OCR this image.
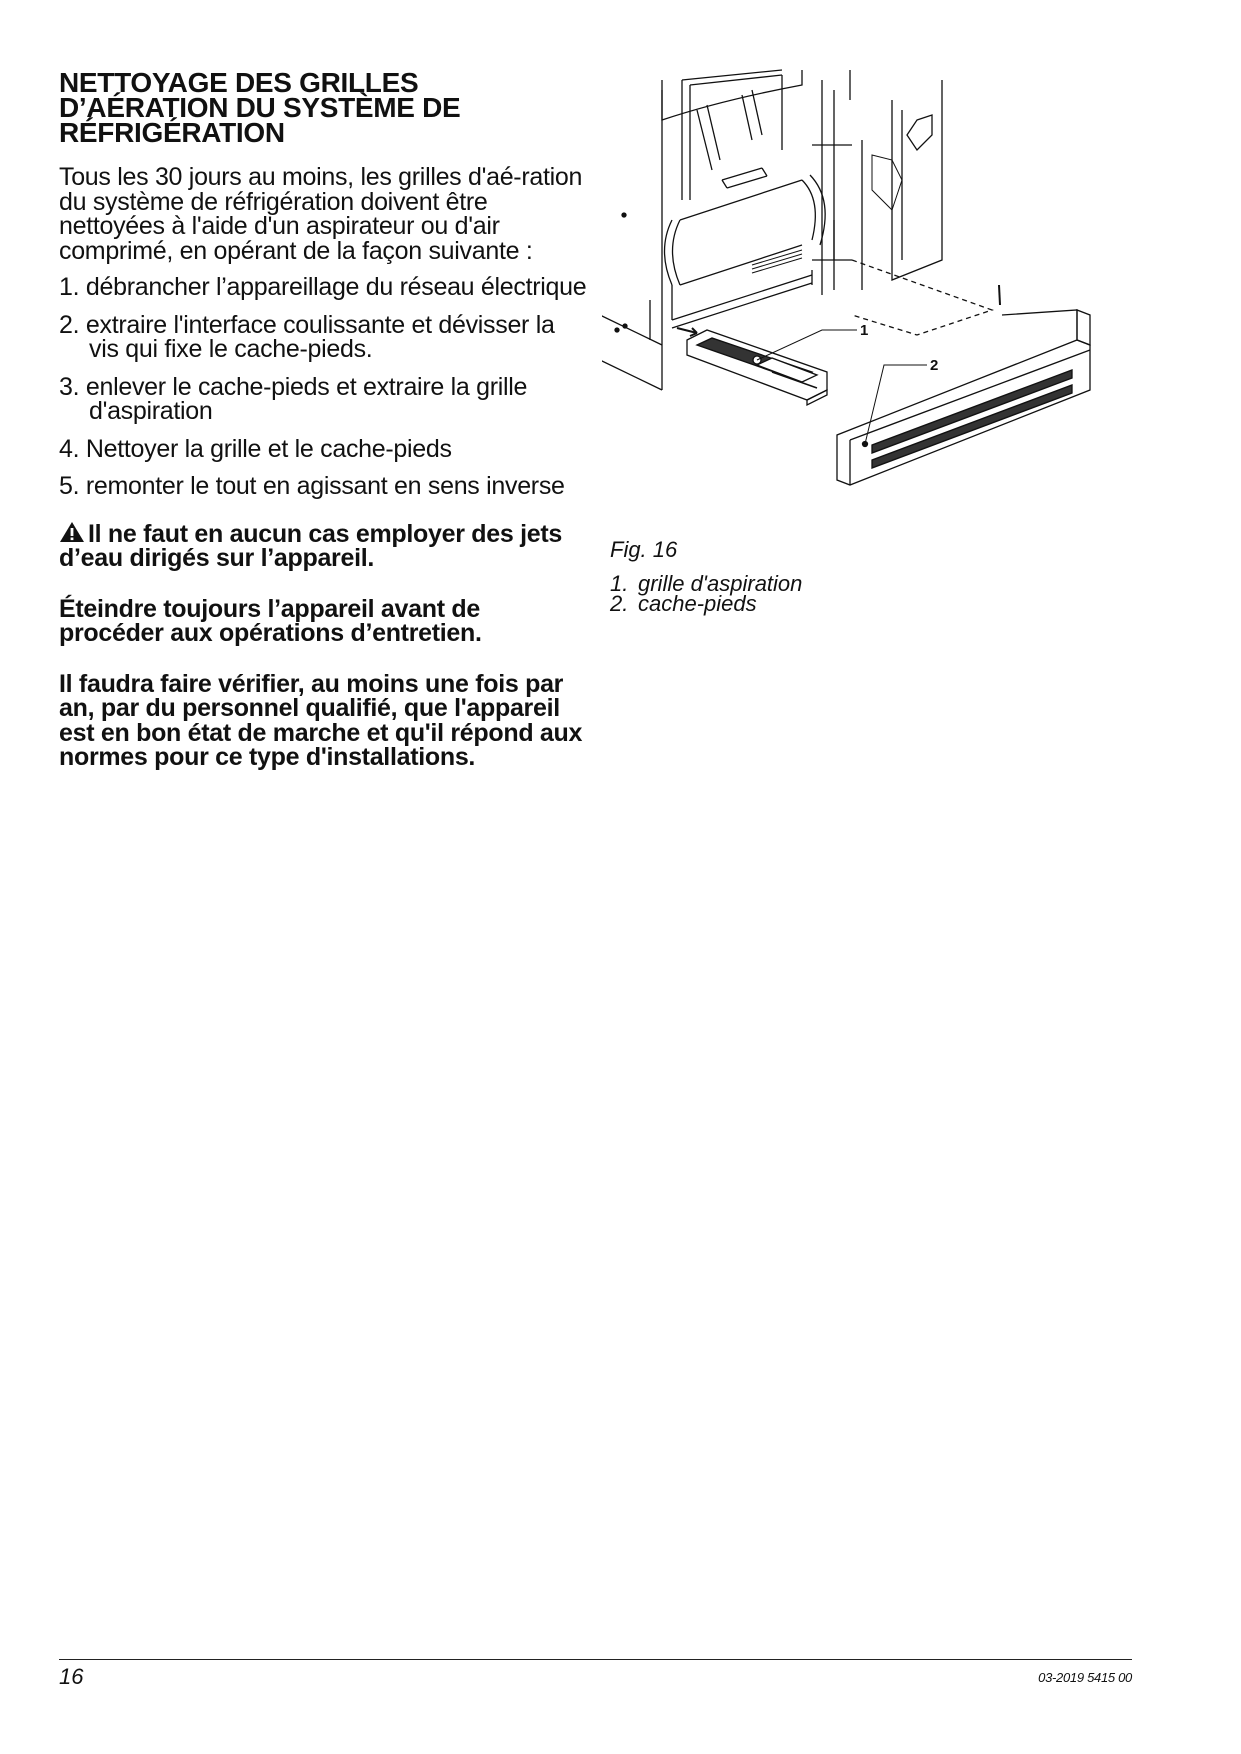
NETTOYAGE DES GRILLES D’AÉRATION DU SYSTÈME DE RÉFRIGÉRATION

Tous les 30 jours au moins, les grilles d'aé-ration du système de réfrigération doivent être nettoyées à l'aide d'un aspirateur ou d'air comprimé, en opérant de la façon suivante :

1. débrancher l’appareillage du réseau électrique
2. extraire l'interface coulissante et dévisser la vis qui fixe le cache-pieds.
3. enlever le cache-pieds et extraire la grille d'aspiration
4. Nettoyer la grille et le cache-pieds
5. remonter le tout en agissant en sens inverse

Il ne faut en aucun cas employer des jets d’eau dirigés sur l’appareil.

Éteindre toujours l’appareil avant de procéder aux opérations d’entretien.

Il faudra faire vérifier, au moins une fois par an, par du personnel qualifié, que l'appareil est en bon état de marche et qu'il répond aux normes pour ce type d'installations.

1
2
Fig. 16
1. grille d'aspiration
2. cache-pieds
16	03-2019 5415 00
